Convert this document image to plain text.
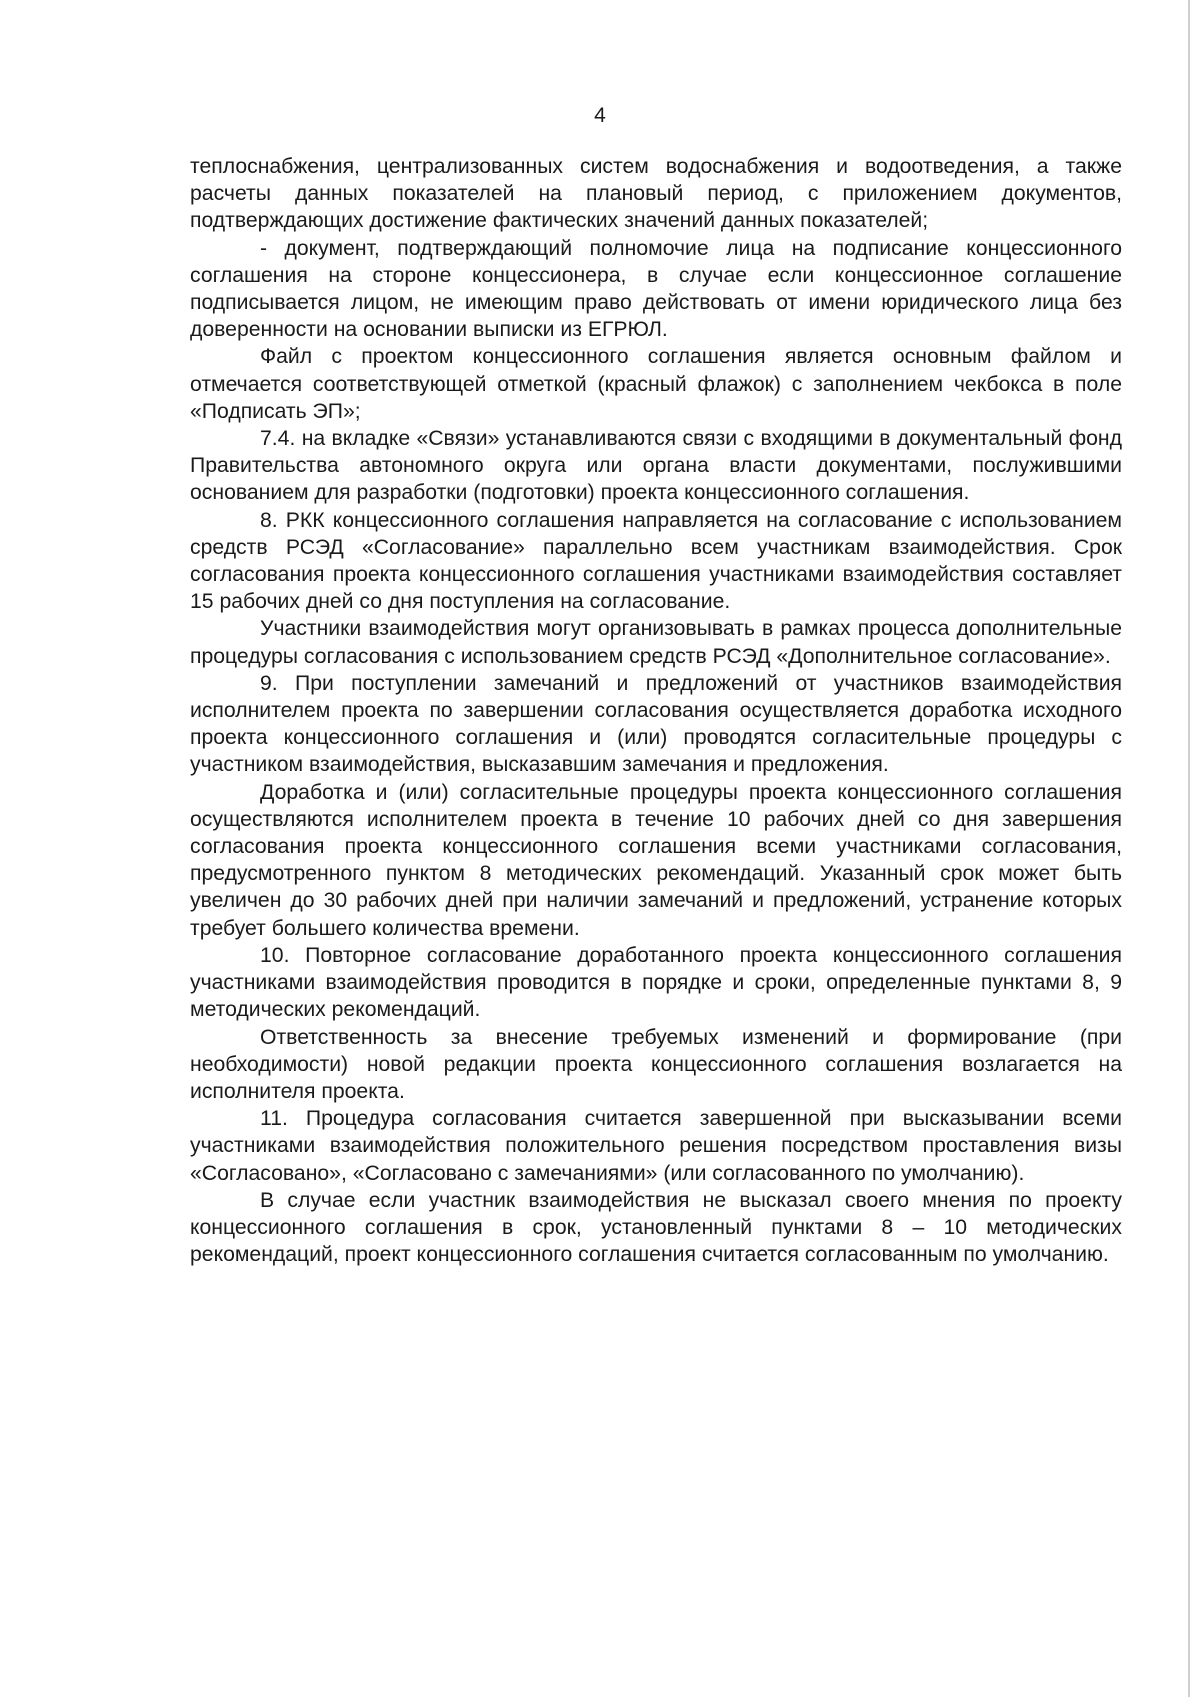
4

теплоснабжения, централизованных систем водоснабжения и водоотведения, а также расчеты данных показателей на плановый период, с приложением документов, подтверждающих достижение фактических значений данных показателей;

- документ, подтверждающий полномочие лица на подписание концессионного соглашения на стороне концессионера, в случае если концессионное соглашение подписывается лицом, не имеющим право действовать от имени юридического лица без доверенности на основании выписки из ЕГРЮЛ.

Файл с проектом концессионного соглашения является основным файлом и отмечается соответствующей отметкой (красный флажок) с заполнением чекбокса в поле «Подписать ЭП»;

7.4. на вкладке «Связи» устанавливаются связи с входящими в документальный фонд Правительства автономного округа или органа власти документами, послужившими основанием для разработки (подготовки) проекта концессионного соглашения.

8. РКК концессионного соглашения направляется на согласование с использованием средств РСЭД «Согласование» параллельно всем участникам взаимодействия. Срок согласования проекта концессионного соглашения участниками взаимодействия составляет 15 рабочих дней со дня поступления на согласование.

Участники взаимодействия могут организовывать в рамках процесса дополнительные процедуры согласования с использованием средств РСЭД «Дополнительное согласование».

9. При поступлении замечаний и предложений от участников взаимодействия исполнителем проекта по завершении согласования осуществляется доработка исходного проекта концессионного соглашения и (или) проводятся согласительные процедуры с участником взаимодействия, высказавшим замечания и предложения.

Доработка и (или) согласительные процедуры проекта концессионного соглашения осуществляются исполнителем проекта в течение 10 рабочих дней со дня завершения согласования проекта концессионного соглашения всеми участниками согласования, предусмотренного пунктом 8 методических рекомендаций. Указанный срок может быть увеличен до 30 рабочих дней при наличии замечаний и предложений, устранение которых требует большего количества времени.

10. Повторное согласование доработанного проекта концессионного соглашения участниками взаимодействия проводится в порядке и сроки, определенные пунктами 8, 9 методических рекомендаций.

Ответственность за внесение требуемых изменений и формирование (при необходимости) новой редакции проекта концессионного соглашения возлагается на исполнителя проекта.

11. Процедура согласования считается завершенной при высказывании всеми участниками взаимодействия положительного решения посредством проставления визы «Согласовано», «Согласовано с замечаниями» (или согласованного по умолчанию).

В случае если участник взаимодействия не высказал своего мнения по проекту концессионного соглашения в срок, установленный пунктами 8 – 10 методических рекомендаций, проект концессионного соглашения считается согласованным по умолчанию.
